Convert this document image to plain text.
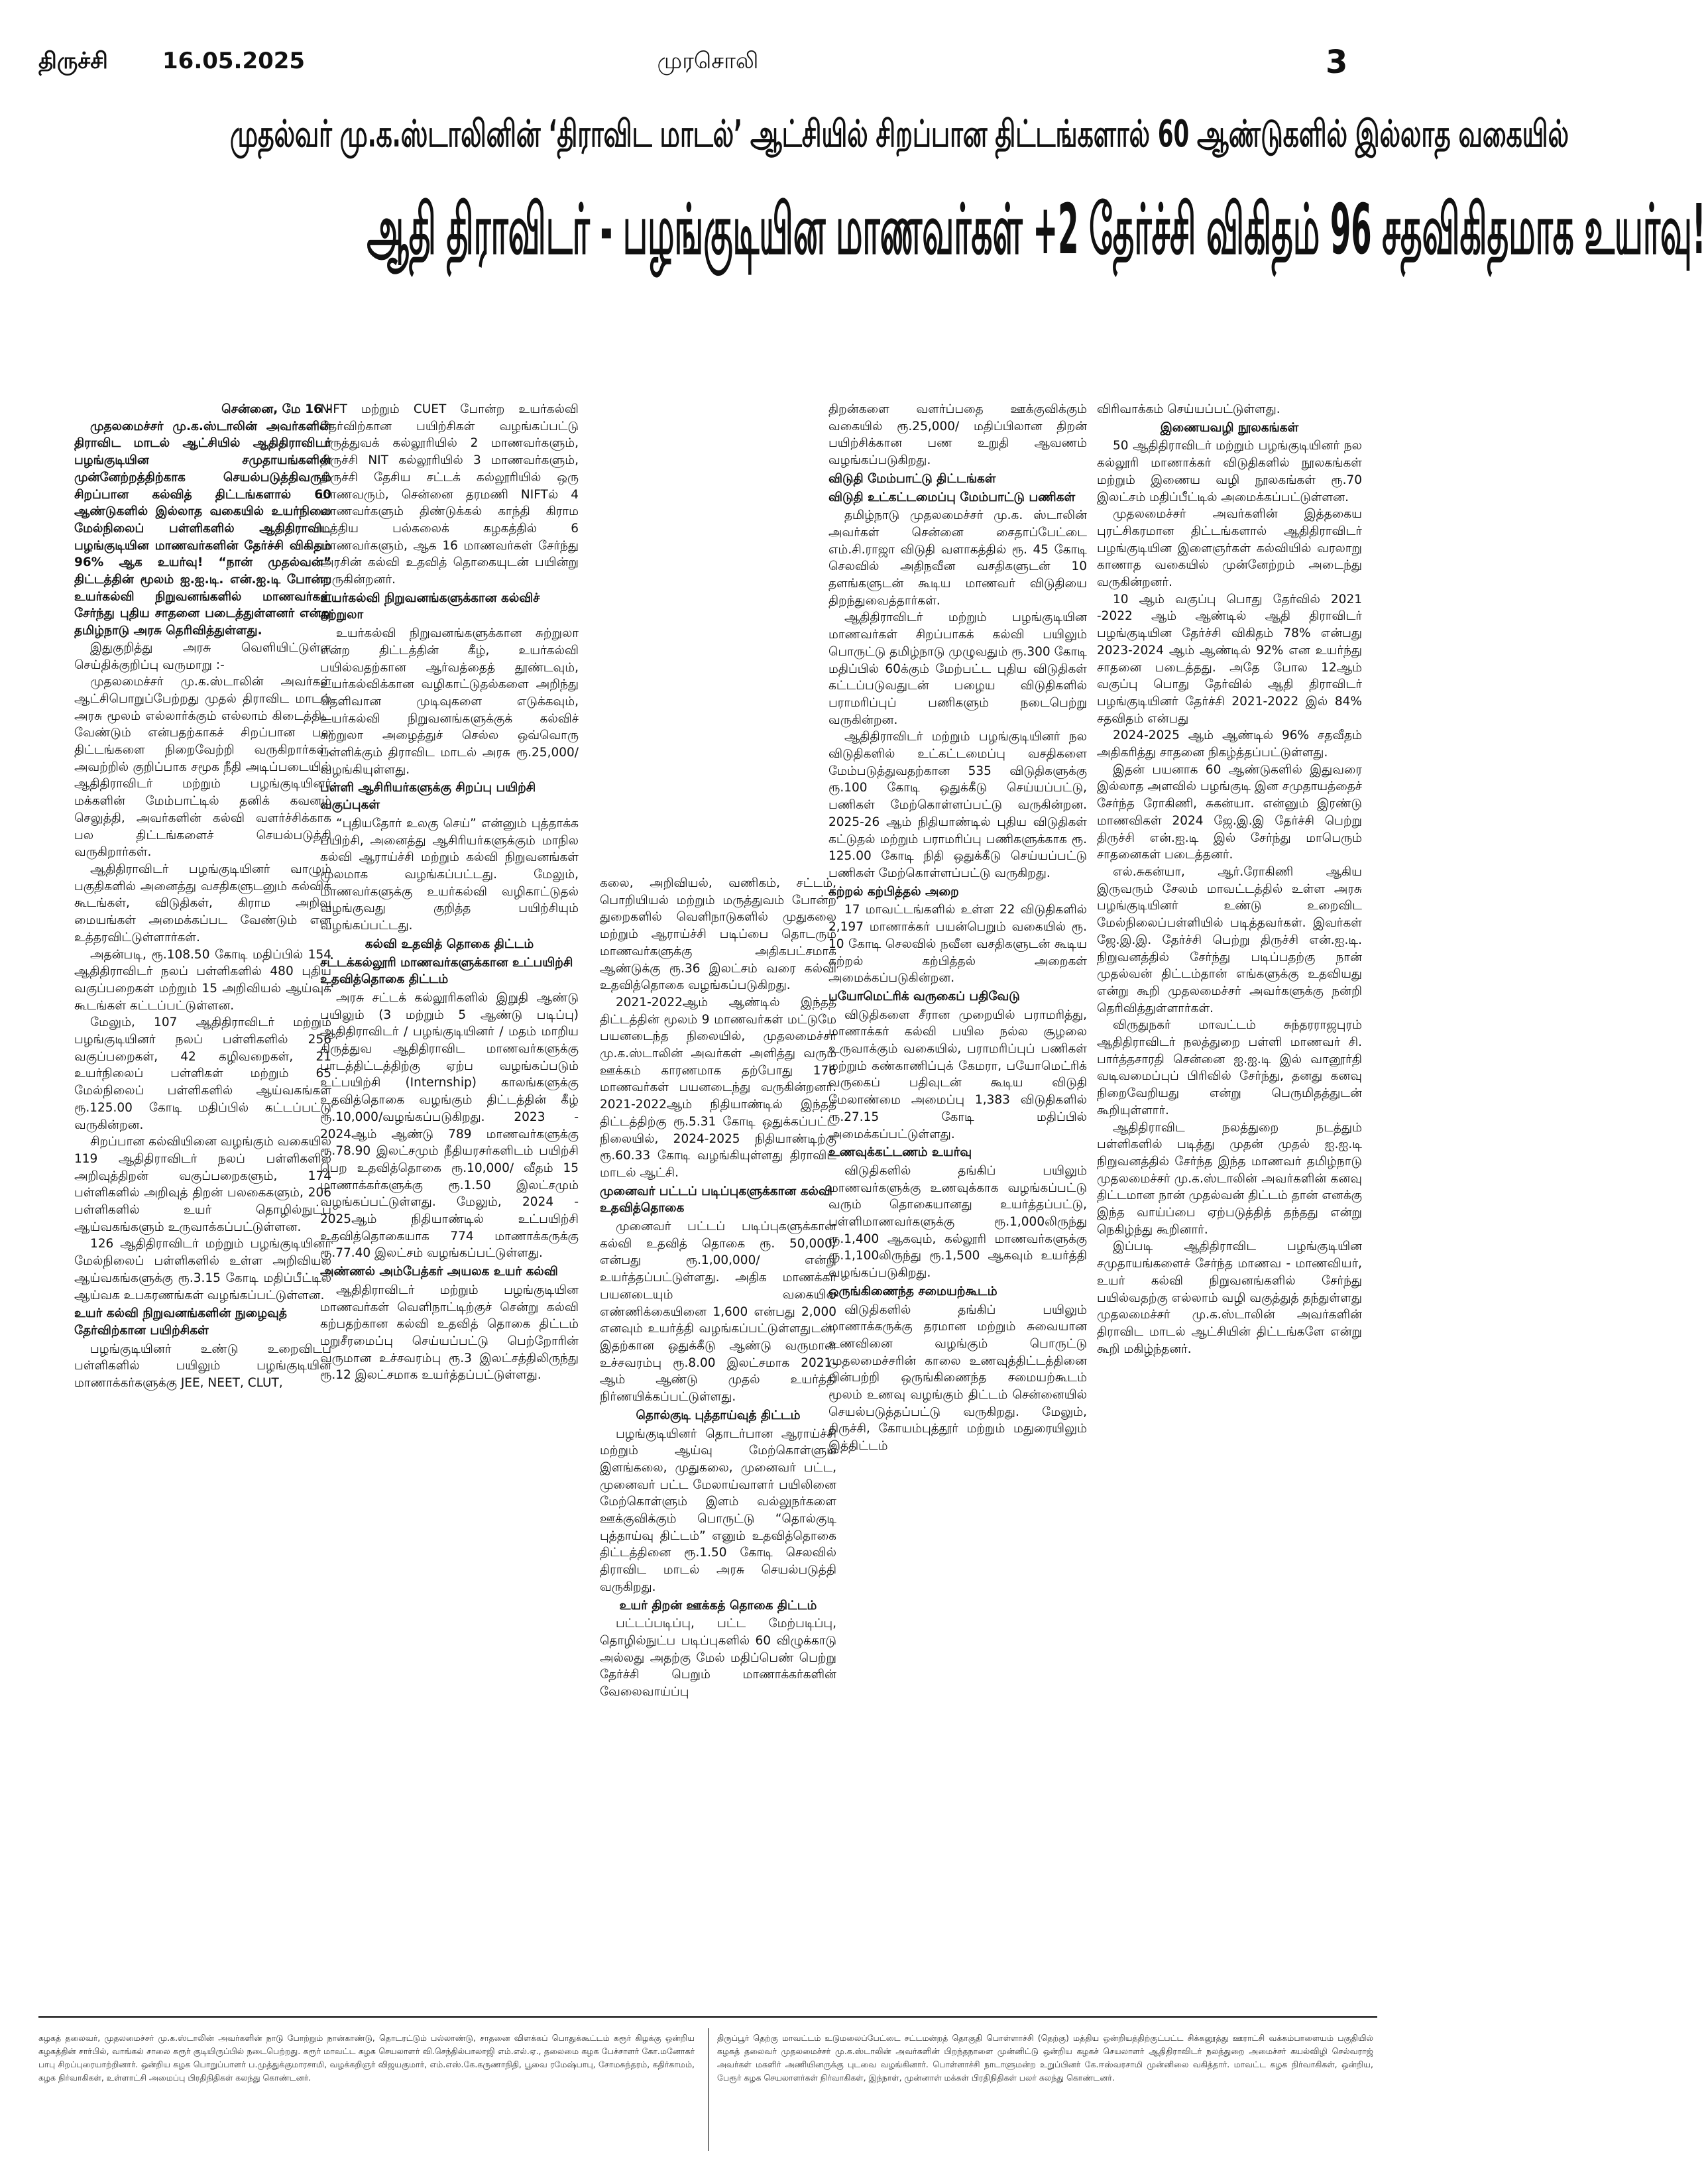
திருச்சி 16.05.2025	முரசொலி	3
முதல்வர் மு.க.ஸ்டாலினின் ‘திராவிட மாடல்’ ஆட்சியில் சிறப்பான திட்டங்களால் 60 ஆண்டுகளில் இல்லாத வகையில்
ஆதி திராவிடர் - பழங்குடியின மாணவர்கள் +2 தேர்ச்சி விகிதம் 96 சதவிகிதமாக உயர்வு!

சென்னை, மே 16 -

முதலமைச்சர் மு.க.ஸ்டாலின் அவர்களின் திராவிட மாடல் ஆட்சியில் ஆதிதிராவிடர் பழங்குடியின சமுதாயங்களின் முன்னேற்றத்திற்காக செயல்படுத்திவரும் சிறப்பான கல்வித் திட்டங்களால் 60 ஆண்டுகளில் இல்லாத வகையில் உயர்நிலை மேல்நிலைப் பள்ளிகளில் ஆதிதிராவிட பழங்குடியின மாணவர்களின் தேர்ச்சி விகிதம் 96% ஆக உயர்வு! “நான் முதல்வன்” திட்டத்தின் மூலம் ஐ.ஐ.டி. என்.ஐ.டி போன்ற உயர்கல்வி நிறுவனங்களில் மாணவர்கள் சேர்ந்து புதிய சாதனை படைத்துள்ளனர் என்று தமிழ்நாடு அரசு தெரிவித்துள்ளது.

இதுகுறித்து அரசு வெளியிட்டுள்ள செய்திக்குறிப்பு வருமாறு :-

முதலமைச்சர் மு.க.ஸ்டாலின் அவர்கள் ஆட்சிபொறுப்பேற்றது முதல் திராவிட மாடல் அரசு மூலம் எல்லார்க்கும் எல்லாம் கிடைத்திட வேண்டும் என்பதற்காகச் சிறப்பான பல திட்டங்களை நிறைவேற்றி வருகிறார்கள். அவற்றில் குறிப்பாக சமூக நீதி அடிப்படையில் ஆதிதிராவிடர் மற்றும் பழங்குடியினர் மக்களின் மேம்பாட்டில் தனிக் கவனம் செலுத்தி, அவர்களின் கல்வி வளர்ச்சிக்காக பல திட்டங்களைச் செயல்படுத்தி வருகிறார்கள்.

ஆதிதிராவிடர் பழங்குடியினர் வாழும் பகுதிகளில் அனைத்து வசதிகளுடனும் கல்விக் கூடங்கள், விடுதிகள், கிராம அறிவு மையங்கள் அமைக்கப்பட வேண்டும் என உத்தரவிட்டுள்ளார்கள்.

அதன்படி, ரூ.108.50 கோடி மதிப்பில் 154 ஆதிதிராவிடர் நலப் பள்ளிகளில் 480 புதிய வகுப்பறைகள் மற்றும் 15 அறிவியல் ஆய்வுக் கூடங்கள் கட்டப்பட்டுள்ளன.

மேலும், 107 ஆதிதிராவிடர் மற்றும் பழங்குடியினர் நலப் பள்ளிகளில் 256 வகுப்பறைகள், 42 கழிவறைகள், 21 உயர்நிலைப் பள்ளிகள் மற்றும் 65 மேல்நிலைப் பள்ளிகளில் ஆய்வகங்கள் ரூ.125.00 கோடி மதிப்பில் கட்டப்பட்டு வருகின்றன.

சிறப்பான கல்வியினை வழங்கும் வகையில் 119 ஆதிதிராவிடர் நலப் பள்ளிகளில் அறிவுத்திறன் வகுப்பறைகளும், 174 பள்ளிகளில் அறிவுத் திறன் பலகைகளும், 206 பள்ளிகளில் உயர் தொழில்நுட்ப ஆய்வகங்களும் உருவாக்கப்பட்டுள்ளன.

126 ஆதிதிராவிடர் மற்றும் பழங்குடியினர் மேல்நிலைப் பள்ளிகளில் உள்ள அறிவியல் ஆய்வகங்களுக்கு ரூ.3.15 கோடி மதிப்பீட்டில் ஆய்வக உபகரணங்கள் வழங்கப்பட்டுள்ளன.

உயர் கல்வி நிறுவனங்களின் நுழைவுத் தேர்விற்கான பயிற்சிகள்

பழங்குடியினர் உண்டு உறைவிடப் பள்ளிகளில் பயிலும் பழங்குடியின மாணாக்கர்களுக்கு JEE, NEET, CLUT,

NIFT மற்றும் CUET போன்ற உயர்கல்வி தேர்விற்கான பயிற்சிகள் வழங்கப்பட்டு மருத்துவக் கல்லூரியில் 2 மாணவர்களும், திருச்சி NIT கல்லூரியில் 3 மாணவர்களும், திருச்சி தேசிய சட்டக் கல்லூரியில் ஒரு மாணவரும், சென்னை தரமணி NIFTல் 4 மாணவர்களும் திண்டுக்கல் காந்தி கிராம மத்திய பல்கலைக் கழகத்தில் 6 மாணவர்களும், ஆக 16 மாணவர்கள் சேர்ந்து அரசின் கல்வி உதவித் தொகையுடன் பயின்று வருகின்றனர்.

உயர்கல்வி நிறுவனங்களுக்கான கல்விச் சுற்றுலா

உயர்கல்வி நிறுவனங்களுக்கான சுற்றுலா என்ற திட்டத்தின் கீழ், உயர்கல்வி பயில்வதற்கான ஆர்வத்தைத் தூண்டவும், உயர்கல்விக்கான வழிகாட்டுதல்களை அறிந்து தெளிவான முடிவுகளை எடுக்கவும், உயர்கல்வி நிறுவனங்களுக்குக் கல்விச் சுற்றுலா அழைத்துச் செல்ல ஒவ்வொரு பள்ளிக்கும் திராவிட மாடல் அரசு ரூ.25,000/ வழங்கியுள்ளது.

பள்ளி ஆசிரியர்களுக்கு சிறப்பு பயிற்சி வகுப்புகள்

“புதியதோர் உலகு செய்” என்னும் புத்தாக்க பயிற்சி, அனைத்து ஆசிரியர்களுக்கும் மாநில கல்வி ஆராய்ச்சி மற்றும் கல்வி நிறுவனங்கள் மூலமாக வழங்கப்பட்டது. மேலும், மாணவர்களுக்கு உயர்கல்வி வழிகாட்டுதல் வழங்குவது குறித்த பயிற்சியும் வழங்கப்பட்டது.

கல்வி உதவித் தொகை திட்டம்

சட்டக்கல்லூரி மாணவர்களுக்கான உட்பயிற்சி உதவித்தொகை திட்டம்

அரசு சட்டக் கல்லூரிகளில் இறுதி ஆண்டு பயிலும் (3 மற்றும் 5 ஆண்டு படிப்பு) ஆதிதிராவிடர் / பழங்குடியினர் / மதம் மாறிய கிருத்துவ ஆதிதிராவிட மாணவர்களுக்கு பாடத்திட்டத்திற்கு ஏற்ப வழங்கப்படும் உட்பயிற்சி (Internship) காலங்களுக்கு உதவித்தொகை வழங்கும் திட்டத்தின் கீழ் ரூ.10,000/வழங்கப்படுகிறது. 2023 - 2024ஆம் ஆண்டு 789 மாணவர்களுக்கு ரூ.78.90 இலட்சமும் நீதியரசர்களிடம் பயிற்சி பெற உதவித்தொகை ரூ.10,000/ வீதம் 15 மாணாக்கர்களுக்கு ரூ.1.50 இலட்சமும் வழங்கப்பட்டுள்ளது. மேலும், 2024 - 2025ஆம் நிதியாண்டில் உட்பயிற்சி உதவித்தொகையாக 774 மாணாக்கருக்கு ரூ.77.40 இலட்சம் வழங்கப்பட்டுள்ளது.

அண்ணல் அம்பேத்கர் அயலக உயர் கல்வி

ஆதிதிராவிடர் மற்றும் பழங்குடியின மாணவர்கள் வெளிநாட்டிற்குச் சென்று கல்வி கற்பதற்கான கல்வி உதவித் தொகை திட்டம் மறுசீரமைப்பு செய்யப்பட்டு பெற்றோரின் வருமான உச்சவரம்பு ரூ.3 இலட்சத்திலிருந்து ரூ.12 இலட்சமாக உயர்த்தப்பட்டுள்ளது.

கலை, அறிவியல், வணிகம், சட்டம், பொறியியல் மற்றும் மருத்துவம் போன்ற துறைகளில் வெளிநாடுகளில் முதுகலை மற்றும் ஆராய்ச்சி படிப்பை தொடரும் மாணவர்களுக்கு அதிகபட்சமாக ஆண்டுக்கு ரூ.36 இலட்சம் வரை கல்வி உதவித்தொகை வழங்கப்படுகிறது.

2021-2022ஆம் ஆண்டில் இந்தத் திட்டத்தின் மூலம் 9 மாணவர்கள் மட்டுமே பயனடைந்த நிலையில், முதலமைச்சர் மு.க.ஸ்டாலின் அவர்கள் அளித்து வரும் ஊக்கம் காரணமாக தற்போது 176 மாணவர்கள் பயனடைந்து வருகின்றனர். 2021-2022ஆம் நிதியாண்டில் இந்தத் திட்டத்திற்கு ரூ.5.31 கோடி ஒதுக்கப்பட்ட நிலையில், 2024-2025 நிதியாண்டிற்கு ரூ.60.33 கோடி வழங்கியுள்ளது திராவிட மாடல் ஆட்சி.

முனைவர் பட்டப் படிப்புகளுக்கான கல்வி உதவித்தொகை

முனைவர் பட்டப் படிப்புகளுக்கான கல்வி உதவித் தொகை ரூ. 50,000/ என்பது ரூ.1,00,000/ என்று உயர்த்தப்பட்டுள்ளது. அதிக மாணக்கர் பயனடையும் வகையில் எண்ணிக்கையினை 1,600 என்பது 2,000 எனவும் உயர்த்தி வழங்கப்பட்டுள்ளதுடன், இதற்கான ஒதுக்கீடு ஆண்டு வருமான உச்சவரம்பு ரூ.8.00 இலட்சமாக 2021-ஆம் ஆண்டு முதல் உயர்த்தி நிர்ணயிக்கப்பட்டுள்ளது.

தொல்குடி புத்தாய்வுத் திட்டம்

பழங்குடியினர் தொடர்பான ஆராய்ச்சி மற்றும் ஆய்வு மேற்கொள்ளும் இளங்கலை, முதுகலை, முனைவர் பட்ட, முனைவர் பட்ட மேலாய்வாளர் பயிலினை மேற்கொள்ளும் இளம் வல்லுநர்களை ஊக்குவிக்கும் பொருட்டு “தொல்குடி புத்தாய்வு திட்டம்” எனும் உதவித்தொகை திட்டத்தினை ரூ.1.50 கோடி செலவில் திராவிட மாடல் அரசு செயல்படுத்தி வருகிறது.

உயர் திறன் ஊக்கத் தொகை திட்டம்

பட்டப்படிப்பு, பட்ட மேற்படிப்பு, தொழில்நுட்ப படிப்புகளில் 60 விழுக்காடு அல்லது அதற்கு மேல் மதிப்பெண் பெற்று தேர்ச்சி பெறும் மாணாக்கர்களின் வேலைவாய்ப்பு

திறன்களை வளர்ப்பதை ஊக்குவிக்கும் வகையில் ரூ.25,000/ மதிப்பிலான திறன் பயிற்சிக்கான பண உறுதி ஆவணம் வழங்கப்படுகிறது.

விடுதி மேம்பாட்டு திட்டங்கள்

விடுதி உட்கட்டமைப்பு மேம்பாட்டு பணிகள்

தமிழ்நாடு முதலமைச்சர் மு.க. ஸ்டாலின் அவர்கள் சென்னை சைதாப்பேட்டை எம்.சி.ராஜா விடுதி வளாகத்தில் ரூ. 45 கோடி செலவில் அதிநவீன வசதிகளுடன் 10 தளங்களுடன் கூடிய மாணவர் விடுதியை திறந்துவைத்தார்கள்.

ஆதிதிராவிடர் மற்றும் பழங்குடியின மாணவர்கள் சிறப்பாகக் கல்வி பயிலும் பொருட்டு தமிழ்நாடு முழுவதும் ரூ.300 கோடி மதிப்பில் 60க்கும் மேற்பட்ட புதிய விடுதிகள் கட்டப்படுவதுடன் பழைய விடுதிகளில் பராமரிப்புப் பணிகளும் நடைபெற்று வருகின்றன.

ஆதிதிராவிடர் மற்றும் பழங்குடியினர் நல விடுதிகளில் உட்கட்டமைப்பு வசதிகளை மேம்படுத்துவதற்கான 535 விடுதிகளுக்கு ரூ.100 கோடி ஒதுக்கீடு செய்யப்பட்டு, பணிகள் மேற்கொள்ளப்பட்டு வருகின்றன. 2025-26 ஆம் நிதியாண்டில் புதிய விடுதிகள் கட்டுதல் மற்றும் பராமரிப்பு பணிகளுக்காக ரூ. 125.00 கோடி நிதி ஒதுக்கீடு செய்யப்பட்டு பணிகள் மேற்கொள்ளப்பட்டு வருகிறது.

கற்றல் கற்பித்தல் அறை

17 மாவட்டங்களில் உள்ள 22 விடுதிகளில் 2,197 மாணாக்கர் பயன்பெறும் வகையில் ரூ. 10 கோடி செலவில் நவீன வசதிகளுடன் கூடிய கற்றல் கற்பித்தல் அறைகள் அமைக்கப்படுகின்றன.

பயோமெட்ரிக் வருகைப் பதிவேடு

விடுதிகளை சீரான முறையில் பராமரித்து, மாணாக்கர் கல்வி பயில நல்ல சூழலை உருவாக்கும் வகையில், பராமரிப்புப் பணிகள் மற்றும் கண்காணிப்புக் கேமரா, பயோமெட்ரிக் வருகைப் பதிவுடன் கூடிய விடுதி மேலாண்மை அமைப்பு 1,383 விடுதிகளில் ரூ.27.15 கோடி மதிப்பில் அமைக்கப்பட்டுள்ளது.

உணவுக்கட்டணம் உயர்வு

விடுதிகளில் தங்கிப் பயிலும் மாணவர்களுக்கு உணவுக்காக வழங்கப்பட்டு வரும் தொகையானது உயர்த்தப்பட்டு, பள்ளிமாணவர்களுக்கு ரூ.1,000லிருந்து ரூ.1,400 ஆகவும், கல்லூரி மாணவர்களுக்கு ரூ.1,100லிருந்து ரூ.1,500 ஆகவும் உயர்த்தி வழங்கப்படுகிறது.

ஒருங்கிணைந்த சமையற்கூடம்

விடுதிகளில் தங்கிப் பயிலும் மாணாக்கருக்கு தரமான மற்றும் சுவையான உணவினை வழங்கும் பொருட்டு முதலமைச்சரின் காலை உணவுத்திட்டத்தினை பின்பற்றி ஒருங்கிணைந்த சமையற்கூடம் மூலம் உணவு வழங்கும் திட்டம் சென்னையில் செயல்படுத்தப்பட்டு வருகிறது. மேலும், திருச்சி, கோயம்புத்தூர் மற்றும் மதுரையிலும் இத்திட்டம்

விரிவாக்கம் செய்யப்பட்டுள்ளது.

இணையவழி நூலகங்கள்

50 ஆதிதிராவிடர் மற்றும் பழங்குடியினர் நல கல்லூரி மாணாக்கர் விடுதிகளில் நூலகங்கள் மற்றும் இணைய வழி நூலகங்கள் ரூ.70 இலட்சம் மதிப்பீட்டில் அமைக்கப்பட்டுள்ளன.

முதலமைச்சர் அவர்களின் இத்தகைய புரட்சிகரமான திட்டங்களால் ஆதிதிராவிடர் பழங்குடியின இளைஞர்கள் கல்வியில் வரலாறு காணாத வகையில் முன்னேற்றம் அடைந்து வருகின்றனர்.

10 ஆம் வகுப்பு பொது தேர்வில் 2021 -2022 ஆம் ஆண்டில் ஆதி திராவிடர் பழங்குடியின தேர்ச்சி விகிதம் 78% என்பது 2023-2024 ஆம் ஆண்டில் 92% என உயர்ந்து சாதனை படைத்தது. அதே போல 12ஆம் வகுப்பு பொது தேர்வில் ஆதி திராவிடர் பழங்குடியினர் தேர்ச்சி 2021-2022 இல் 84% சதவிதம் என்பது

2024-2025 ஆம் ஆண்டில் 96% சதவீதம் அதிகரித்து சாதனை நிகழ்த்தப்பட்டுள்ளது.

இதன் பயனாக 60 ஆண்டுகளில் இதுவரை இல்லாத அளவில் பழங்குடி இன சமுதாயத்தைச் சேர்ந்த ரோகிணி, சுகன்யா. என்னும் இரண்டு மாணவிகள் 2024 ஜே.இ.இ தேர்ச்சி பெற்று திருச்சி என்.ஐ.டி இல் சேர்ந்து மாபெரும் சாதனைகள் படைத்தனர்.

எல்.சுகன்யா, ஆர்.ரோகிணி ஆகிய இருவரும் சேலம் மாவட்டத்தில் உள்ள அரசு பழங்குடியினர் உண்டு உறைவிட மேல்நிலைப்பள்ளியில் படித்தவர்கள். இவர்கள் ஜே.இ.இ. தேர்ச்சி பெற்று திருச்சி என்.ஐ.டி. நிறுவனத்தில் சேர்ந்து படிப்பதற்கு நான் முதல்வன் திட்டம்தான் எங்களுக்கு உதவியது என்று கூறி முதலமைச்சர் அவர்களுக்கு நன்றி தெரிவித்துள்ளார்கள்.

விருதுநகர் மாவட்டம் சுந்தரராஜபுரம் ஆதிதிராவிடர் நலத்துறை பள்ளி மாணவர் சி. பார்த்தசாரதி சென்னை ஐ.ஐ.டி இல் வானூர்தி வடிவமைப்புப் பிரிவில் சேர்ந்து, தனது கனவு நிறைவேறியது என்று பெருமிதத்துடன் கூறியுள்ளார்.

ஆதிதிராவிட நலத்துறை நடத்தும் பள்ளிகளில் படித்து முதன் முதல் ஐ.ஐ.டி நிறுவனத்தில் சேர்ந்த இந்த மாணவர் தமிழ்நாடு முதலமைச்சர் மு.க.ஸ்டாலின் அவர்களின் கனவு திட்டமான நான் முதல்வன் திட்டம் தான் எனக்கு இந்த வாய்ப்பை ஏற்படுத்தித் தந்தது என்று நெகிழ்ந்து கூறினார்.

இப்படி ஆதிதிராவிட பழங்குடியின சமுதாயங்களைச் சேர்ந்த மாணவ - மாணவியர், உயர் கல்வி நிறுவனங்களில் சேர்ந்து பயில்வதற்கு எல்லாம் வழி வகுத்துத் தந்துள்ளது முதலமைச்சர் மு.க.ஸ்டாலின் அவர்களின் திராவிட மாடல் ஆட்சியின் திட்டங்களே என்று கூறி மகிழ்ந்தனர்.

கழகத் தலைவர், முதலமைச்சர் மு.க.ஸ்டாலின் அவர்களின் நாடு போற்றும் நான்காண்டு, தொடரட்டும் பல்லாண்டு, சாதனை விளக்கப் பொதுக்கூட்டம் கரூர் கிழக்கு ஒன்றிய கழகத்தின் சார்பில், வாங்கல் சாலை கரூர் குடியிருப்பில் நடைபெற்றது. கரூர் மாவட்ட கழக செயலாளர் வி.செந்தில்பாலாஜி எம்.எல்.ஏ., தலைமை கழக பேச்சாளர் கோ.மனோகர் பாபு சிறப்புரையாற்றினார். ஒன்றிய கழக பொறுப்பாளர் ப.முத்துக்குமாரசாமி, வழக்கறிஞர் விஜயகுமார், எம்.எஸ்.கே.கருணாநிதி, பூவை ரமேஷ்பாபு, சோமசுந்தரம், கதிர்காமம், கழக நிர்வாகிகள், உள்ளாட்சி அமைப்பு பிரதிநிதிகள் கலந்து கொண்டனர்.
திருப்பூர் தெற்கு மாவட்டம் உடுமலைப்பேட்டை சட்டமன்றத் தொகுதி பொள்ளாச்சி (தெற்கு) மத்திய ஒன்றியத்திற்குட்பட்ட சிக்கனூத்து ஊராட்சி வக்கம்பாளையம் பகுதியில் கழகத் தலைவர் முதலமைச்சர் மு.க.ஸ்டாலின் அவர்களின் பிறந்தநாளை முன்னிட்டு ஒன்றிய கழகச் செயலாளர் ஆதிதிராவிடர் நலத்துறை அமைச்சர் கயல்விழி செல்வராஜ் அவர்கள் மகளிர் அணியினருக்கு புடவை வழங்கினார். பொள்ளாச்சி நாடாளுமன்ற உறுப்பினர் கே.ஈஸ்வரசாமி முன்னிலை வகித்தார். மாவட்ட கழக நிர்வாகிகள், ஒன்றிய, பேரூர் கழக செயலாளர்கள் நிர்வாகிகள், இந்நாள், முன்னாள் மக்கள் பிரதிநிதிகள் பலர் கலந்து கொண்டனர்.
